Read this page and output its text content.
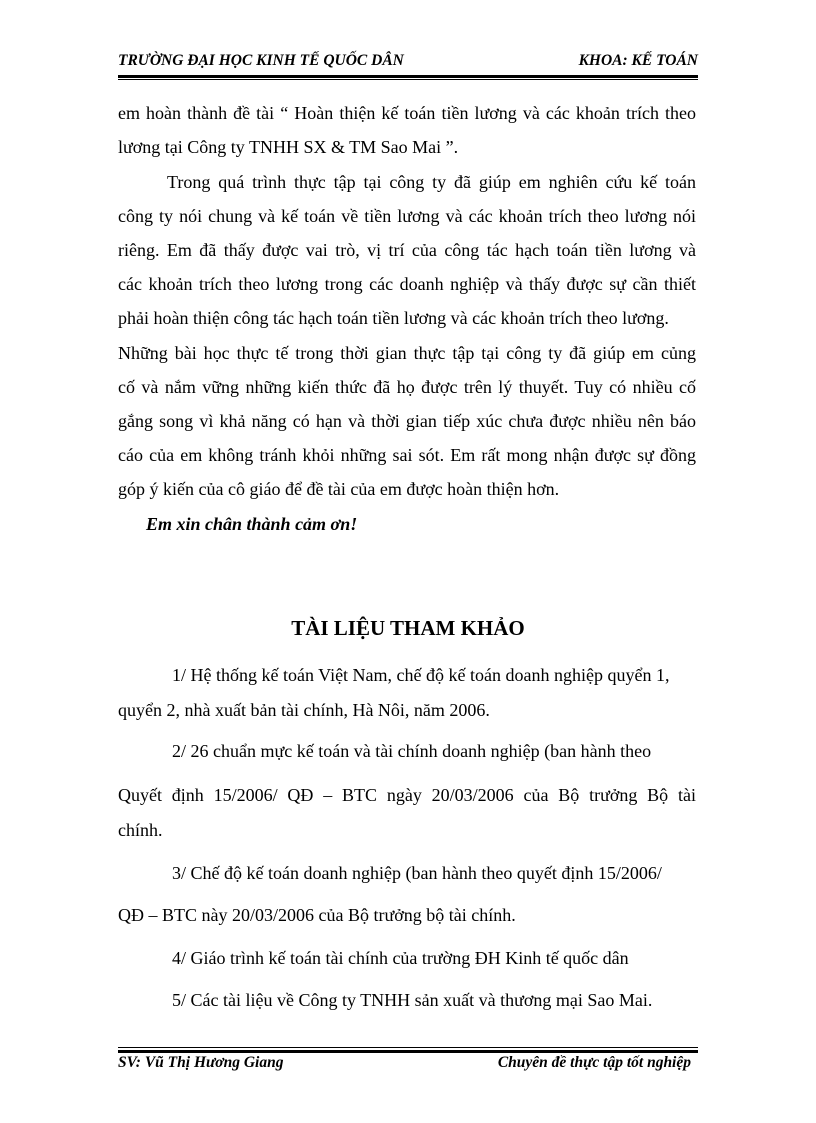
TRƯỜNG ĐẠI HỌC KINH TẾ QUỐC DÂN	KHOA: KẾ TOÁN
em hoàn thành đề tài “ Hoàn thiện kế toán tiền lương và các khoản trích theo
lương tại Công ty TNHH SX & TM Sao Mai ”.
Trong quá trình thực tập tại công ty đã giúp em nghiên cứu kế toán
công ty nói chung và kế toán về tiền lương và các khoản trích theo lương nói
riêng. Em đã thấy được vai trò, vị trí của công tác hạch toán tiền lương và
các khoản trích theo lương trong các doanh nghiệp và thấy được sự cần thiết
phải hoàn thiện công tác hạch toán tiền lương và các khoản trích theo lương.
Những bài học thực tế trong thời gian thực tập tại công ty đã giúp em củng
cố và nắm vững những kiến thức đã họ được trên lý thuyết. Tuy có nhiều cố
gắng song vì khả năng có hạn và thời gian tiếp xúc chưa được nhiều nên báo
cáo của em không tránh khỏi những sai sót. Em rất mong nhận được sự đồng
góp ý kiến của cô giáo để đề tài của em được hoàn thiện hơn.
Em xin chân thành cảm ơn!
TÀI LIỆU THAM KHẢO
1/ Hệ thống kế toán Việt Nam, chế độ kế toán doanh nghiệp quyển 1,
quyển 2, nhà xuất bản tài chính, Hà Nôi, năm 2006.
2/ 26 chuẩn mực kế toán và tài chính doanh nghiệp (ban hành theo
Quyết định 15/2006/ QĐ – BTC ngày 20/03/2006 của Bộ trưởng Bộ tài
chính.
3/ Chế độ kế toán doanh nghiệp (ban hành theo quyết định 15/2006/
QĐ – BTC này 20/03/2006 của Bộ trưởng bộ tài chính.
4/ Giáo trình kế toán tài chính của trường ĐH Kinh tế quốc dân
5/ Các tài liệu về Công ty TNHH sản xuất và thương mại Sao Mai.
SV: Vũ Thị Hương Giang	Chuyên đề thực tập tốt nghiệp
